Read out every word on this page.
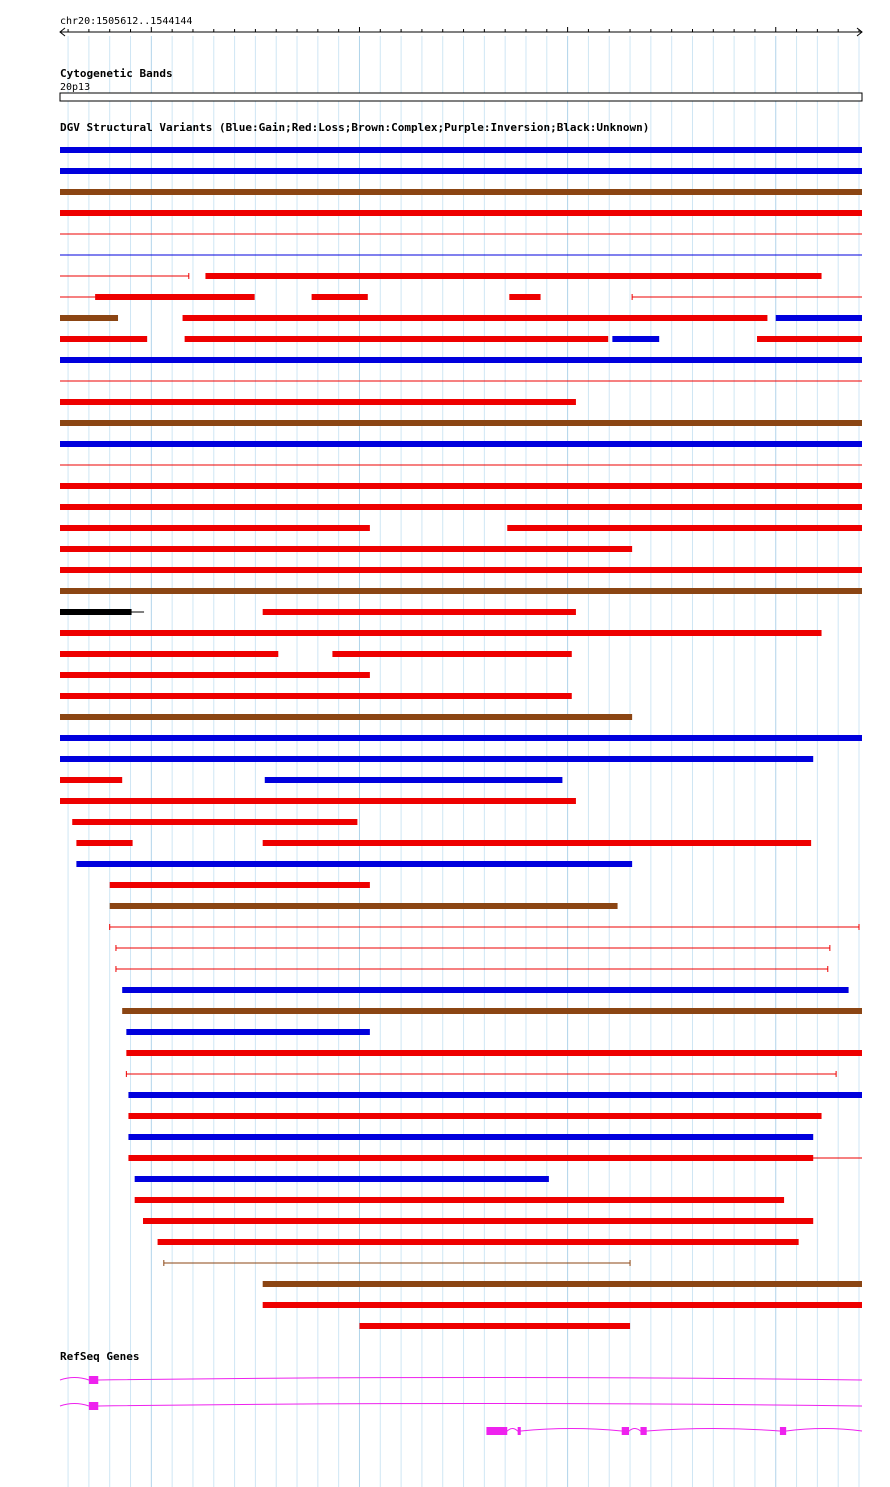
chr20:1505612..1544144
Cytogenetic Bands
20p13
DGV Structural Variants (Blue:Gain;Red:Loss;Brown:Complex;Purple:Inversion;Black:Unknown)
RefSeq Genes
